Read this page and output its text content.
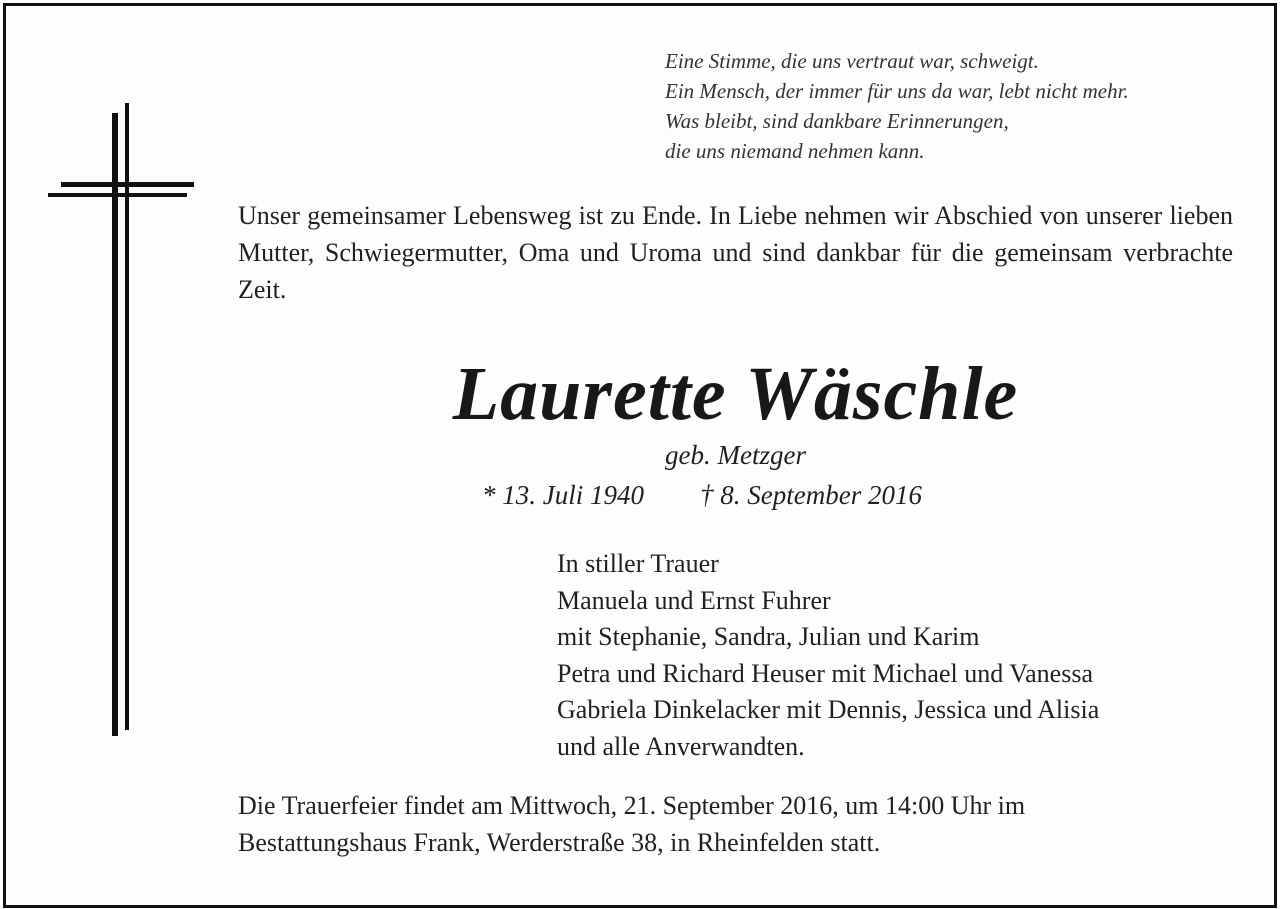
Eine Stimme, die uns vertraut war, schweigt.
Ein Mensch, der immer für uns da war, lebt nicht mehr.
Was bleibt, sind dankbare Erinnerungen,
die uns niemand nehmen kann.
Unser gemeinsamer Lebensweg ist zu Ende. In Liebe nehmen wir Abschied von unserer lieben Mutter, Schwiegermutter, Oma und Uroma und sind dankbar für die gemeinsam verbrachte Zeit.
Laurette Wäschle
geb. Metzger
* 13. Juli 1940 † 8. September 2016
In stiller Trauer
Manuela und Ernst Fuhrer
mit Stephanie, Sandra, Julian und Karim
Petra und Richard Heuser mit Michael und Vanessa
Gabriela Dinkelacker mit Dennis, Jessica und Alisia
und alle Anverwandten.
Die Trauerfeier findet am Mittwoch, 21. September 2016, um 14:00 Uhr im
Bestattungshaus Frank, Werderstraße 38, in Rheinfelden statt.
